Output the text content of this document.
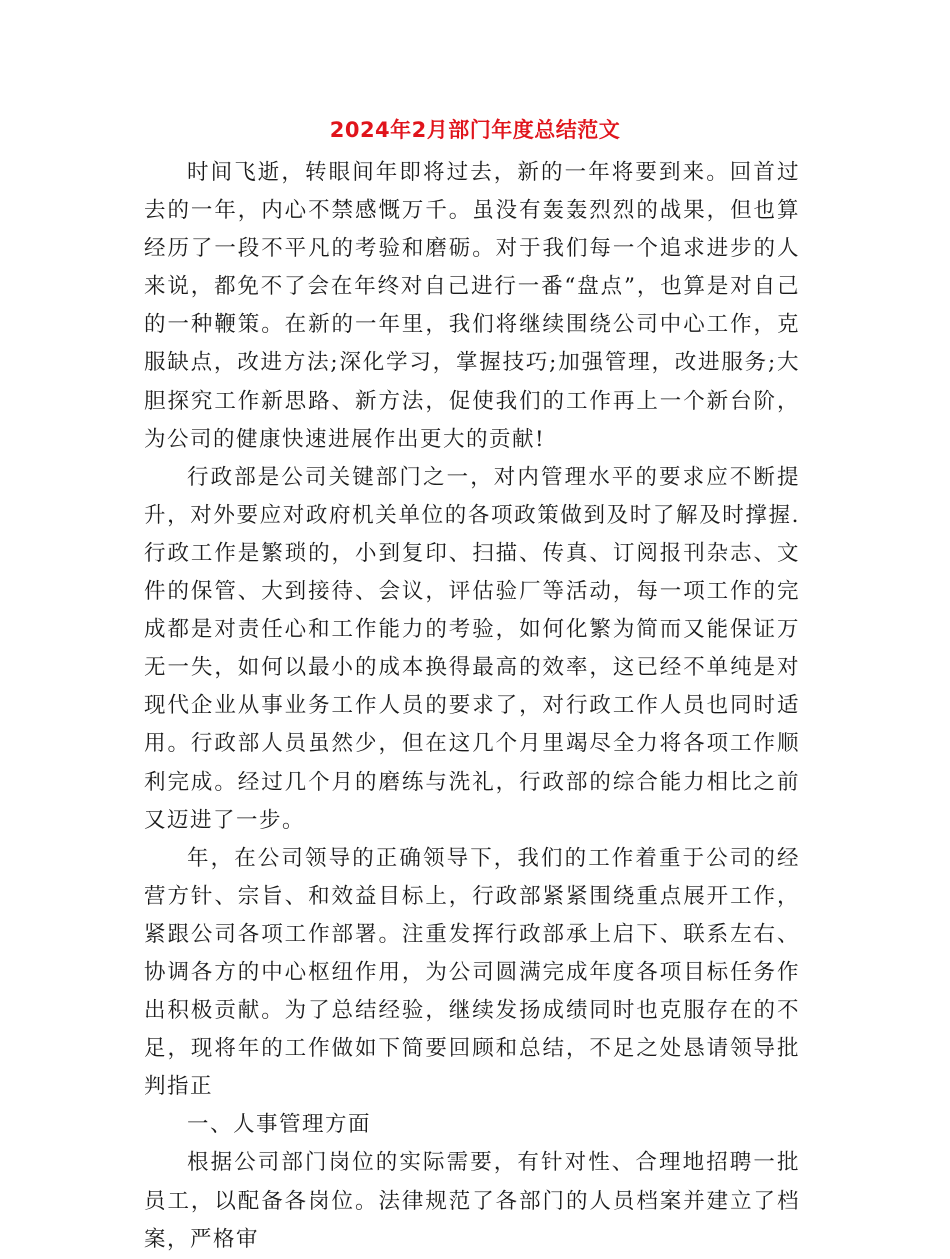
2024年2月部门年度总结范文

时间飞逝，转眼间年即将过去，新的一年将要到来。回首过去的一年，内心不禁感慨万千。虽没有轰轰烈烈的战果，但也算经历了一段不平凡的考验和磨砺。对于我们每一个追求进步的人来说，都免不了会在年终对自己进行一番“盘点”，也算是对自己的一种鞭策。在新的一年里，我们将继续围绕公司中心工作，克服缺点，改进方法;深化学习，掌握技巧;加强管理，改进服务;大胆探究工作新思路、新方法，促使我们的工作再上一个新台阶，为公司的健康快速进展作出更大的贡献!

行政部是公司关键部门之一，对内管理水平的要求应不断提升，对外要应对政府机关单位的各项政策做到及时了解及时撑握.行政工作是繁琐的，小到复印、扫描、传真、订阅报刊杂志、文件的保管、大到接待、会议，评估验厂等活动，每一项工作的完成都是对责任心和工作能力的考验，如何化繁为简而又能保证万无一失，如何以最小的成本换得最高的效率，这已经不单纯是对现代企业从事业务工作人员的要求了，对行政工作人员也同时适用。行政部人员虽然少，但在这几个月里竭尽全力将各项工作顺利完成。经过几个月的磨练与洗礼，行政部的综合能力相比之前又迈进了一步。

年，在公司领导的正确领导下，我们的工作着重于公司的经营方针、宗旨、和效益目标上，行政部紧紧围绕重点展开工作，紧跟公司各项工作部署。注重发挥行政部承上启下、联系左右、协调各方的中心枢纽作用，为公司圆满完成年度各项目标任务作出积极贡献。为了总结经验，继续发扬成绩同时也克服存在的不足，现将年的工作做如下简要回顾和总结，不足之处恳请领导批判指正

一、人事管理方面

根据公司部门岗位的实际需要，有针对性、合理地招聘一批员工，以配备各岗位。法律规范了各部门的人员档案并建立了档案，严格审
